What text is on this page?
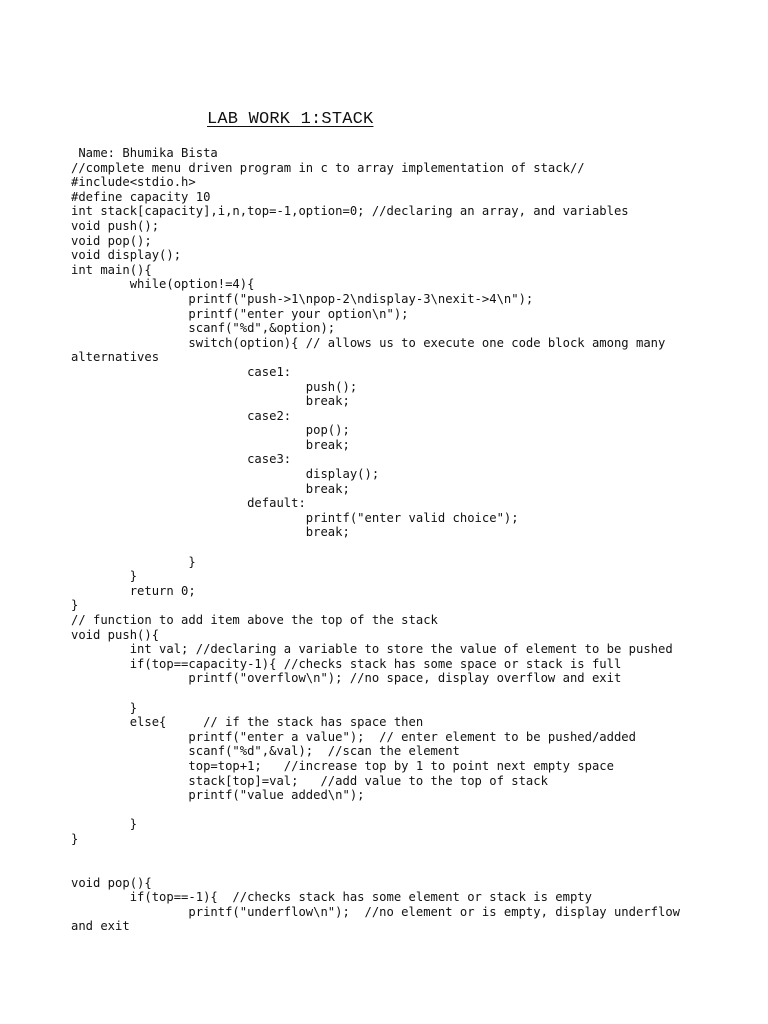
LAB WORK 1:STACK
Name: Bhumika Bista
//complete menu driven program in c to array implementation of stack//
#include<stdio.h>
#define capacity 10
int stack[capacity],i,n,top=-1,option=0; //declaring an array, and variables
void push();
void pop();
void display();
int main(){
while(option!=4){
printf("push->1\npop-2\ndisplay-3\nexit->4\n");
printf("enter your option\n");
scanf("%d",&option);
switch(option){ // allows us to execute one code block among many
alternatives
case1:
push();
break;
case2:
pop();
break;
case3:
display();
break;
default:
printf("enter valid choice");
break;
}
}
return 0;
}
// function to add item above the top of the stack
void push(){
int val; //declaring a variable to store the value of element to be pushed
if(top==capacity-1){ //checks stack has some space or stack is full
printf("overflow\n"); //no space, display overflow and exit
}
else{     // if the stack has space then
printf("enter a value");  // enter element to be pushed/added
scanf("%d",&val);  //scan the element
top=top+1;   //increase top by 1 to point next empty space
stack[top]=val;   //add value to the top of stack
printf("value added\n");
}
}
void pop(){
if(top==-1){  //checks stack has some element or stack is empty
printf("underflow\n");  //no element or is empty, display underflow
and exit
